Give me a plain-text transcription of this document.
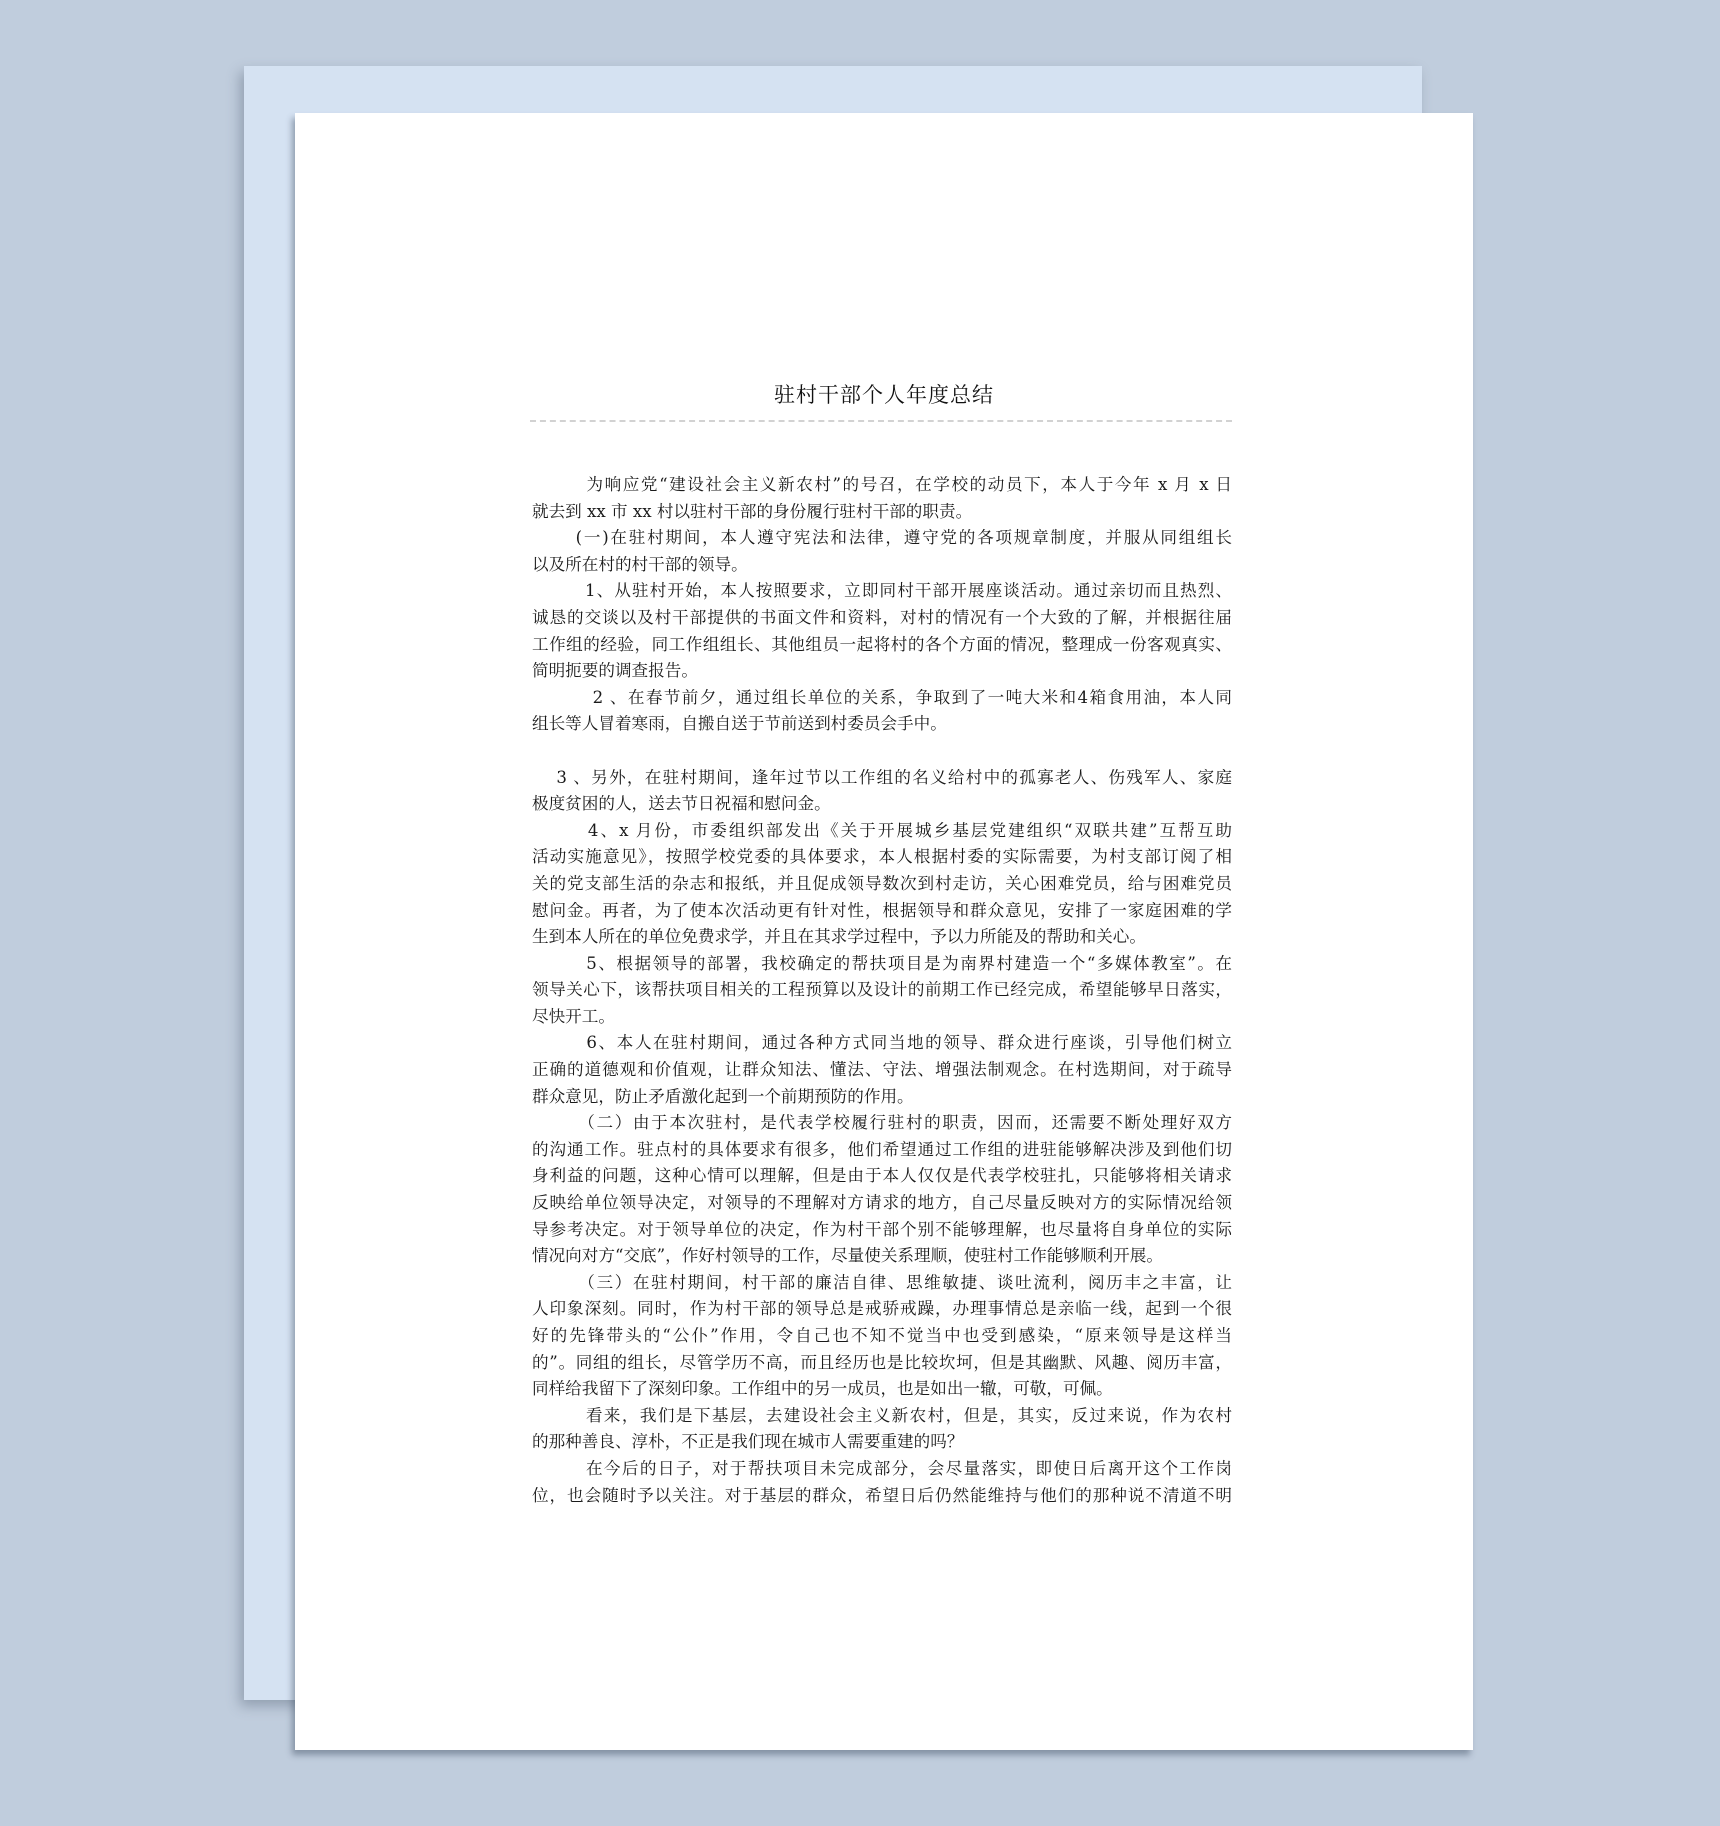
驻村干部个人年度总结
　　　为响应党“建设社会主义新农村”的号召，在学校的动员下，本人于今年 x 月 x 日
就去到 xx 市 xx 村以驻村干部的身份履行驻村干部的职责。
　　 (一)在驻村期间，本人遵守宪法和法律，遵守党的各项规章制度，并服从同组组长
以及所在村的村干部的领导。
　　　1、从驻村开始，本人按照要求，立即同村干部开展座谈活动。通过亲切而且热烈、
诚恳的交谈以及村干部提供的书面文件和资料，对村的情况有一个大致的了解，并根据往届
工作组的经验，同工作组组长、其他组员一起将村的各个方面的情况，整理成一份客观真实、
简明扼要的调查报告。
　　　 2 、在春节前夕，通过组长单位的关系，争取到了一吨大米和4箱食用油，本人同
组长等人冒着寒雨，自搬自送于节前送到村委员会手中。
　 3 、另外，在驻村期间，逢年过节以工作组的名义给村中的孤寡老人、伤残军人、家庭
极度贫困的人，送去节日祝福和慰问金。
　　　4、x 月份，市委组织部发出《关于开展城乡基层党建组织“双联共建”互帮互助
活动实施意见》，按照学校党委的具体要求，本人根据村委的实际需要，为村支部订阅了相
关的党支部生活的杂志和报纸，并且促成领导数次到村走访，关心困难党员，给与困难党员
慰问金。再者，为了使本次活动更有针对性，根据领导和群众意见，安排了一家庭困难的学
生到本人所在的单位免费求学，并且在其求学过程中，予以力所能及的帮助和关心。
　　　5、根据领导的部署，我校确定的帮扶项目是为南界村建造一个“多媒体教室”。在
领导关心下，该帮扶项目相关的工程预算以及设计的前期工作已经完成，希望能够早日落实，
尽快开工。
　　　6、本人在驻村期间，通过各种方式同当地的领导、群众进行座谈，引导他们树立
正确的道德观和价值观，让群众知法、懂法、守法、增强法制观念。在村选期间，对于疏导
群众意见，防止矛盾激化起到一个前期预防的作用。
　　　（二）由于本次驻村，是代表学校履行驻村的职责，因而，还需要不断处理好双方
的沟通工作。驻点村的具体要求有很多，他们希望通过工作组的进驻能够解决涉及到他们切
身利益的问题，这种心情可以理解，但是由于本人仅仅是代表学校驻扎，只能够将相关请求
反映给单位领导决定，对领导的不理解对方请求的地方，自己尽量反映对方的实际情况给领
导参考决定。对于领导单位的决定，作为村干部个别不能够理解，也尽量将自身单位的实际
情况向对方“交底”，作好村领导的工作，尽量使关系理顺，使驻村工作能够顺利开展。
　　　（三）在驻村期间，村干部的廉洁自律、思维敏捷、谈吐流利，阅历丰之丰富，让
人印象深刻。同时，作为村干部的领导总是戒骄戒躁，办理事情总是亲临一线，起到一个很
好的先锋带头的“公仆”作用，令自己也不知不觉当中也受到感染，“原来领导是这样当
的”。同组的组长，尽管学历不高，而且经历也是比较坎坷，但是其幽默、风趣、阅历丰富，
同样给我留下了深刻印象。工作组中的另一成员，也是如出一辙，可敬，可佩。
　　　看来，我们是下基层，去建设社会主义新农村，但是，其实，反过来说，作为农村
的那种善良、淳朴，不正是我们现在城市人需要重建的吗？
　　　在今后的日子，对于帮扶项目未完成部分，会尽量落实，即使日后离开这个工作岗
位，也会随时予以关注。对于基层的群众，希望日后仍然能维持与他们的那种说不清道不明
